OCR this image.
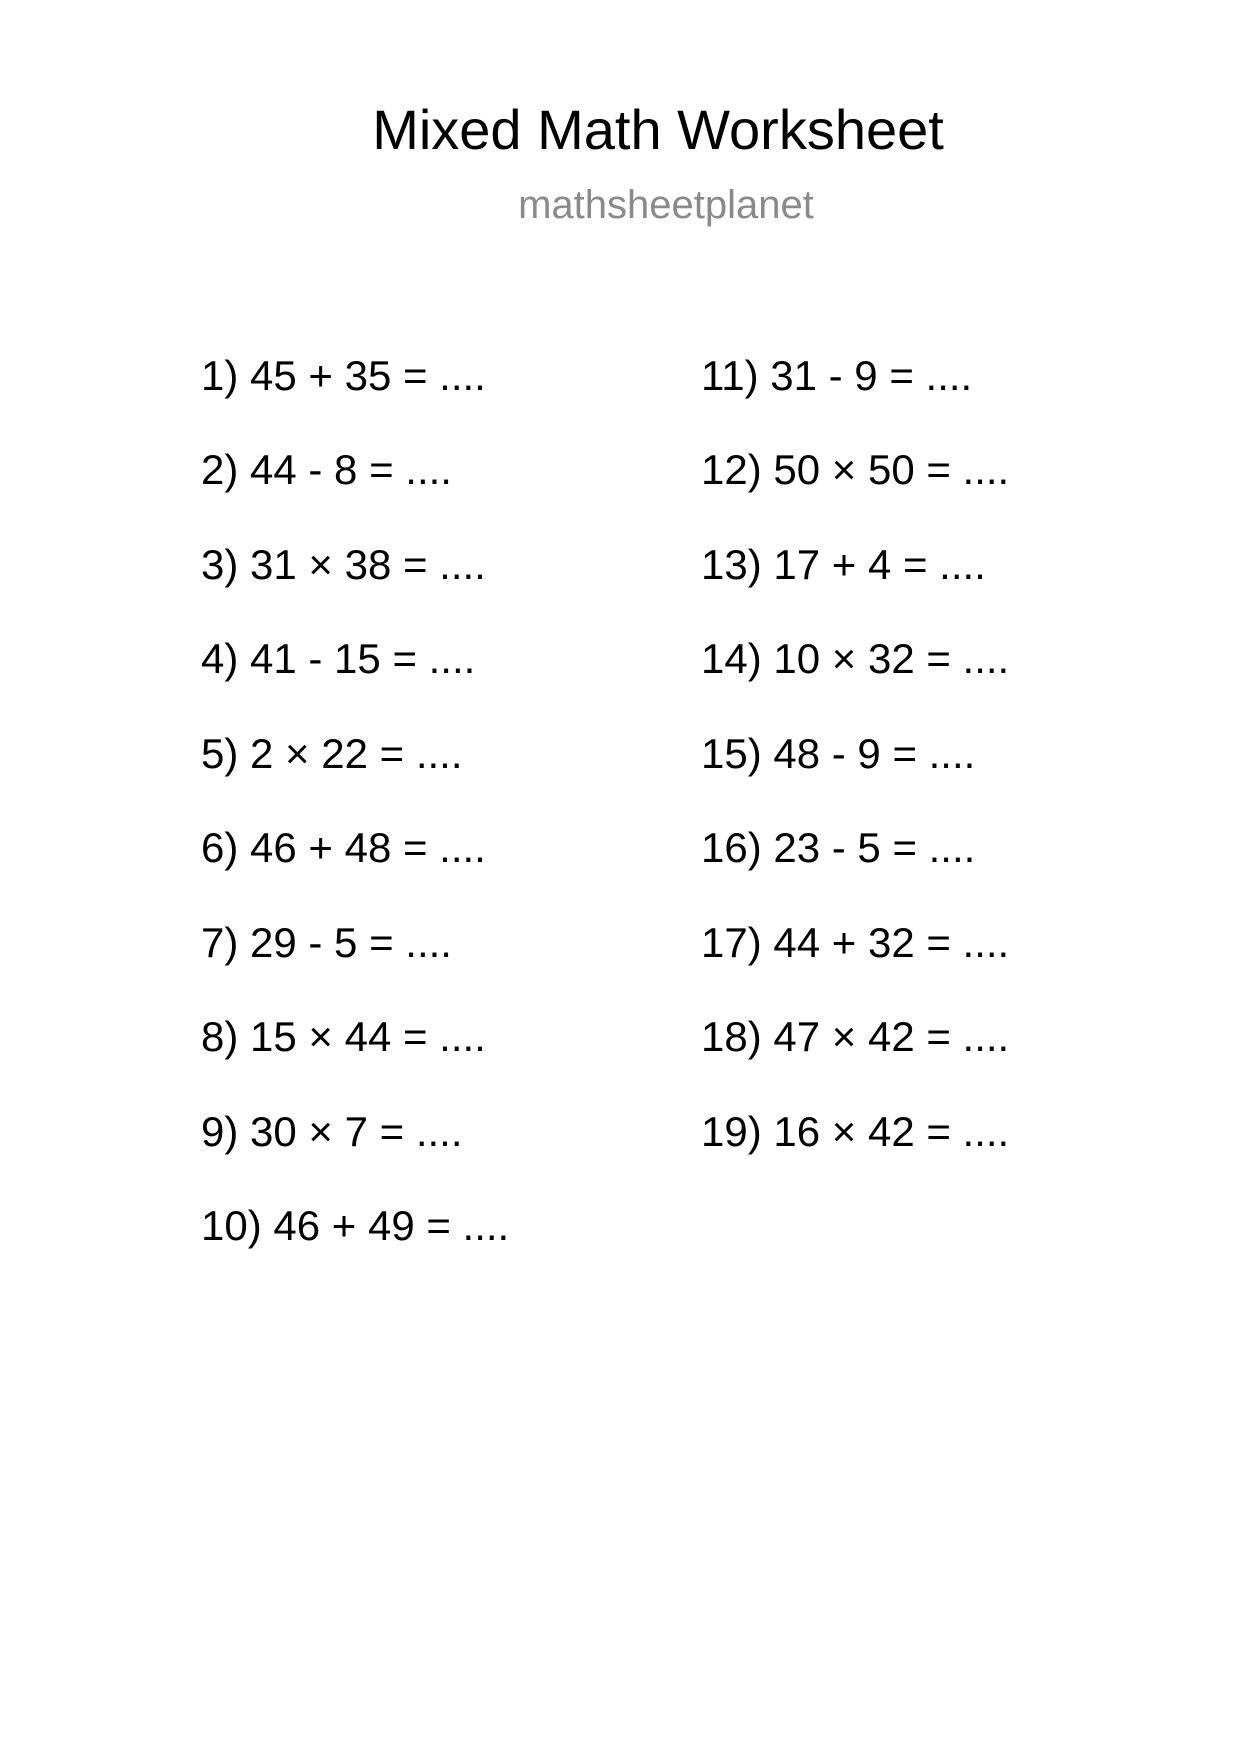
Mixed Math Worksheet
mathsheetplanet
1) 45 + 35 = ....
2) 44 - 8 = ....
3) 31 × 38 = ....
4) 41 - 15 = ....
5) 2 × 22 = ....
6) 46 + 48 = ....
7) 29 - 5 = ....
8) 15 × 44 = ....
9) 30 × 7 = ....
10) 46 + 49 = ....
11) 31 - 9 = ....
12) 50 × 50 = ....
13) 17 + 4 = ....
14) 10 × 32 = ....
15) 48 - 9 = ....
16) 23 - 5 = ....
17) 44 + 32 = ....
18) 47 × 42 = ....
19) 16 × 42 = ....
